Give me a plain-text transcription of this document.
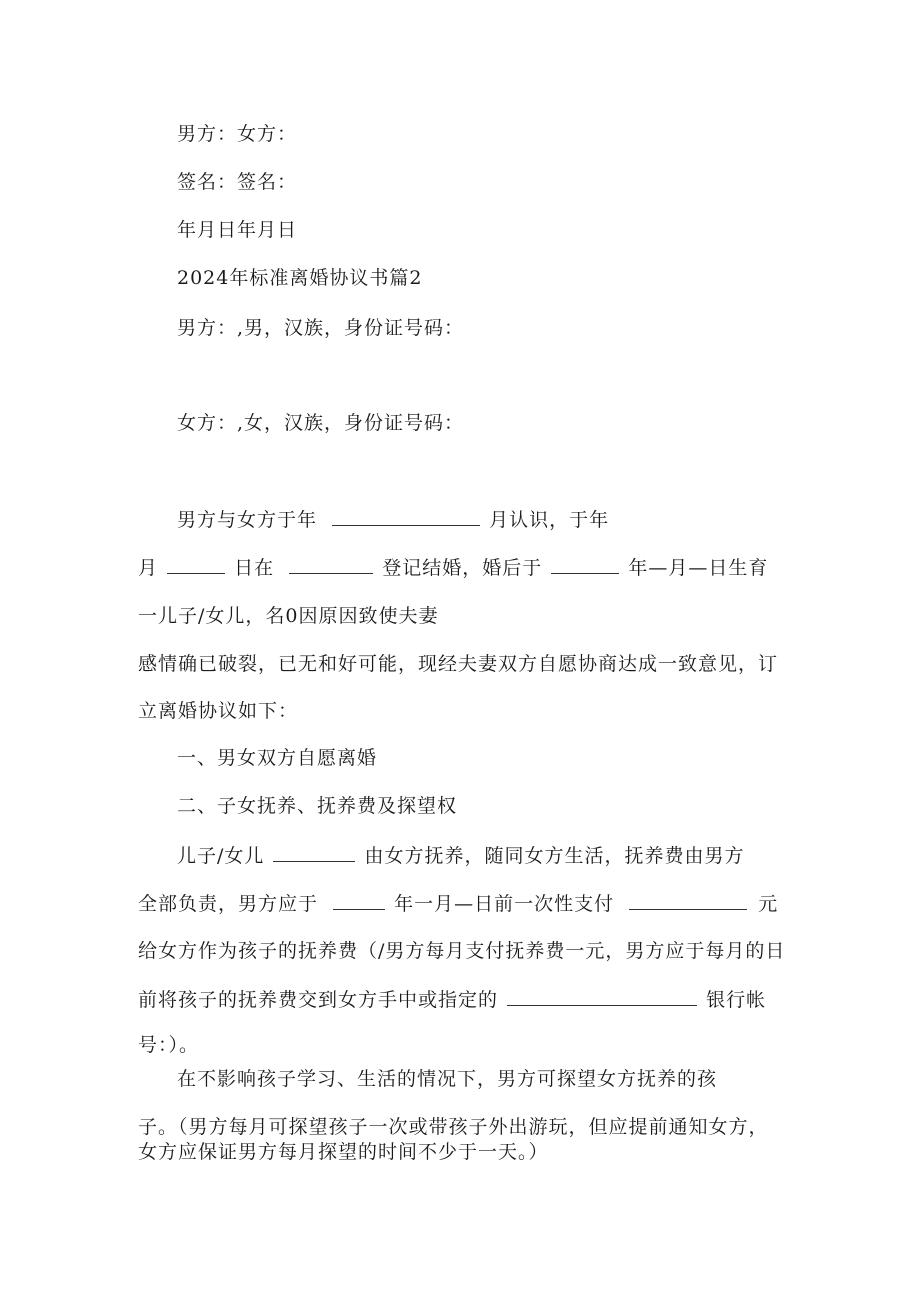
男方：女方：
签名：签名：
年月日年月日
2024年标准离婚协议书篇2
男方：,男，汉族，身份证号码：
女方：,女，汉族，身份证号码：
男方与女方于年	月认识，于年
月	日在	登记结婚，婚后于	年—月—日生育
一儿子/女儿，名0因原因致使夫妻
感情确已破裂，已无和好可能，现经夫妻双方自愿协商达成一致意见，订
立离婚协议如下：
一、男女双方自愿离婚
二、子女抚养、抚养费及探望权
儿子/女儿	由女方抚养，随同女方生活，抚养费由男方
全部负责，男方应于	年一月—日前一次性支付	元
给女方作为孩子的抚养费（/男方每月支付抚养费一元，男方应于每月的日
前将孩子的抚养费交到女方手中或指定的	银行帐
号：）。
在不影响孩子学习、生活的情况下，男方可探望女方抚养的孩
子。（男方每月可探望孩子一次或带孩子外出游玩，但应提前通知女方，
女方应保证男方每月探望的时间不少于一天。）
